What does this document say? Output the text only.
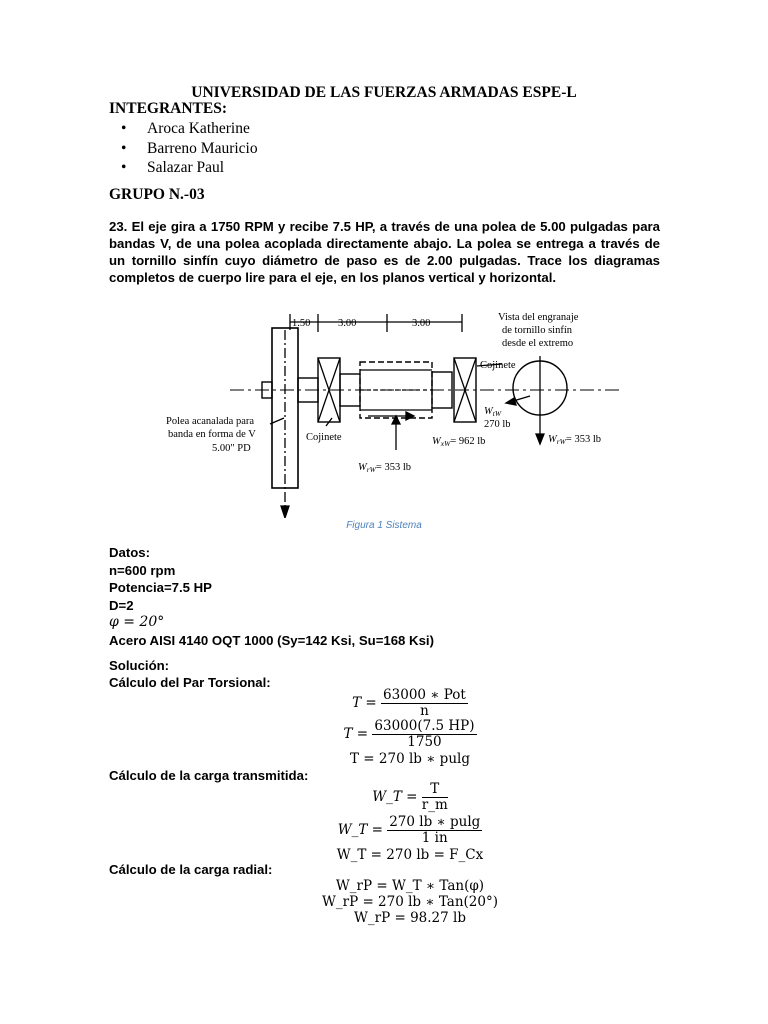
UNIVERSIDAD DE LAS FUERZAS ARMADAS ESPE-L
INTEGRANTES:
• Aroca Katherine
• Barreno Mauricio
• Salazar Paul
GRUPO N.-03
23. El eje gira a 1750 RPM y recibe 7.5 HP, a través de una polea de 5.00 pulgadas para bandas V, de una polea acoplada directamente abajo. La polea se entrega a través de un tornillo sinfín cuyo diámetro de paso es de 2.00 pulgadas. Trace los diagramas completos de cuerpo lire para el eje, en los planos vertical y horizontal.
1.50	3.00	3.00
Vista del engranaje
de tornillo sinfín
desde el extremo
Cojinete
Cojinete
Polea acanalada para
banda en forma de V
5.00" PD
WtW
270 lb
WxW= 962 lb
WrW= 353 lb
WrW= 353 lb
Figura 1 Sistema
Datos:
n=600 rpm
Potencia=7.5 HP
D=2
φ = 20°
Acero AISI 4140 OQT 1000 (Sy=142 Ksi, Su=168 Ksi)
Solución:
Cálculo del Par Torsional:
$T = \frac{\text{63000 ∗ Pot}}{n}$
$T = \frac{63000(7.5 HP)}{1750}$
T = 270 lb ∗ pulg
Cálculo de la carga transmitida:
W_T = $\frac{T}{r\_m}$
W_T = $\frac{270 lb ∗ pulg}{1 in}$
W_T = 270 lb = F_Cx
Cálculo de la carga radial:
W_rP = W_T ∗ Tan(φ)
W_rP = 270 lb ∗ Tan(20°)
W_rP = 98.27 lb
